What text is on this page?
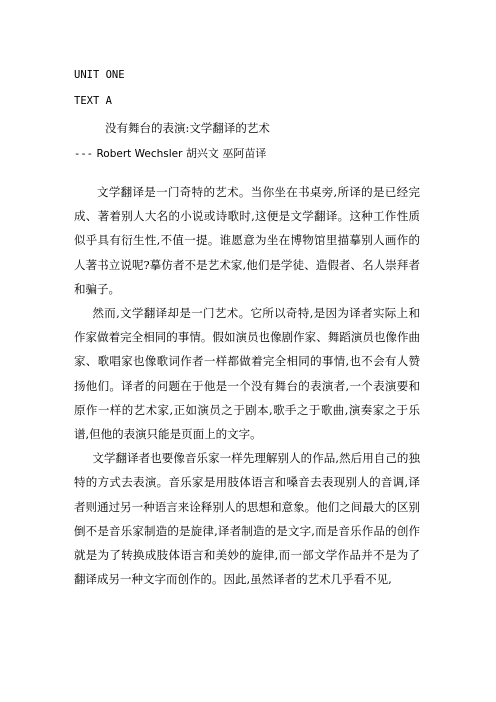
UNIT ONE
TEXT A
没有舞台的表演:文学翻译的艺术
--- Robert Wechsler 胡兴文 巫阿苗译

文学翻译是一门奇特的艺术。当你坐在书桌旁,所译的是已经完成、著着别人大名的小说或诗歌时,这便是文学翻译。这种工作性质似乎具有衍生性,不值一提。谁愿意为坐在博物馆里描摹别人画作的人著书立说呢?摹仿者不是艺术家,他们是学徒、造假者、名人崇拜者和骗子。

然而,文学翻译却是一门艺术。它所以奇特,是因为译者实际上和作家做着完全相同的事情。假如演员也像剧作家、舞蹈演员也像作曲家、歌唱家也像歌词作者一样都做着完全相同的事情,也不会有人赞扬他们。译者的问题在于他是一个没有舞台的表演者,一个表演要和原作一样的艺术家,正如演员之于剧本,歌手之于歌曲,演奏家之于乐谱,但他的表演只能是页面上的文字。

文学翻译者也要像音乐家一样先理解别人的作品,然后用自己的独特的方式去表演。音乐家是用肢体语言和嗓音去表现别人的音调,译者则通过另一种语言来诠释别人的思想和意象。他们之间最大的区别倒不是音乐家制造的是旋律,译者制造的是文字,而是音乐作品的创作就是为了转换成肢体语言和美妙的旋律,而一部文学作品并不是为了翻译成另一种文字而创作的。因此,虽然译者的艺术几乎看不见,
